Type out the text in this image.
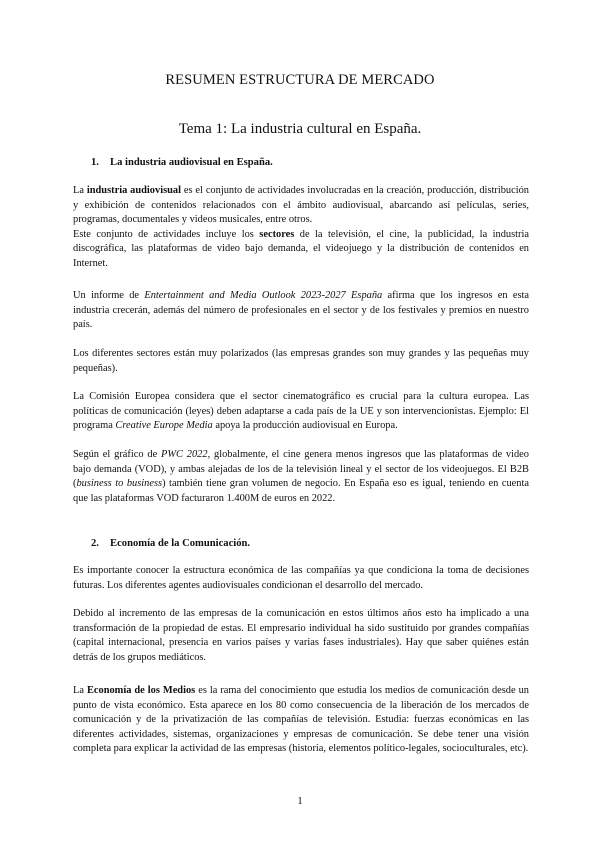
RESUMEN ESTRUCTURA DE MERCADO
Tema 1: La industria cultural en España.
1. La industria audiovisual en España.

La industria audiovisual es el conjunto de actividades involucradas en la creación, producción, distribución y exhibición de contenidos relacionados con el ámbito audiovisual, abarcando así películas, series, programas, documentales y videos musicales, entre otros.

Este conjunto de actividades incluye los sectores de la televisión, el cine, la publicidad, la industria discográfica, las plataformas de video bajo demanda, el videojuego y la distribución de contenidos en Internet.

Un informe de Entertainment and Media Outlook 2023-2027 España afirma que los ingresos en esta industria crecerán, además del número de profesionales en el sector y de los festivales y premios en nuestro país.

Los diferentes sectores están muy polarizados (las empresas grandes son muy grandes y las pequeñas muy pequeñas).

La Comisión Europea considera que el sector cinematográfico es crucial para la cultura europea. Las políticas de comunicación (leyes) deben adaptarse a cada país de la UE y son intervencionistas. Ejemplo: El programa Creative Europe Media apoya la producción audiovisual en Europa.

Según el gráfico de PWC 2022, globalmente, el cine genera menos ingresos que las plataformas de video bajo demanda (VOD), y ambas alejadas de los de la televisión lineal y el sector de los videojuegos. El B2B (business to business) también tiene gran volumen de negocio. En España eso es igual, teniendo en cuenta que las plataformas VOD facturaron 1.400M de euros en 2022.

2. Economía de la Comunicación.

Es importante conocer la estructura económica de las compañías ya que condiciona la toma de decisiones futuras. Los diferentes agentes audiovisuales condicionan el desarrollo del mercado.

Debido al incremento de las empresas de la comunicación en estos últimos años esto ha implicado a una transformación de la propiedad de estas. El empresario individual ha sido sustituido por grandes compañías (capital internacional, presencia en varios países y varias fases industriales). Hay que saber quiénes están detrás de los grupos mediáticos.

La Economía de los Medios es la rama del conocimiento que estudia los medios de comunicación desde un punto de vista económico. Esta aparece en los 80 como consecuencia de la liberación de los mercados de comunicación y de la privatización de las compañías de televisión. Estudia: fuerzas económicas en las diferentes actividades, sistemas, organizaciones y empresas de comunicación. Se debe tener una visión completa para explicar la actividad de las empresas (historia, elementos político-legales, socioculturales, etc).

1
